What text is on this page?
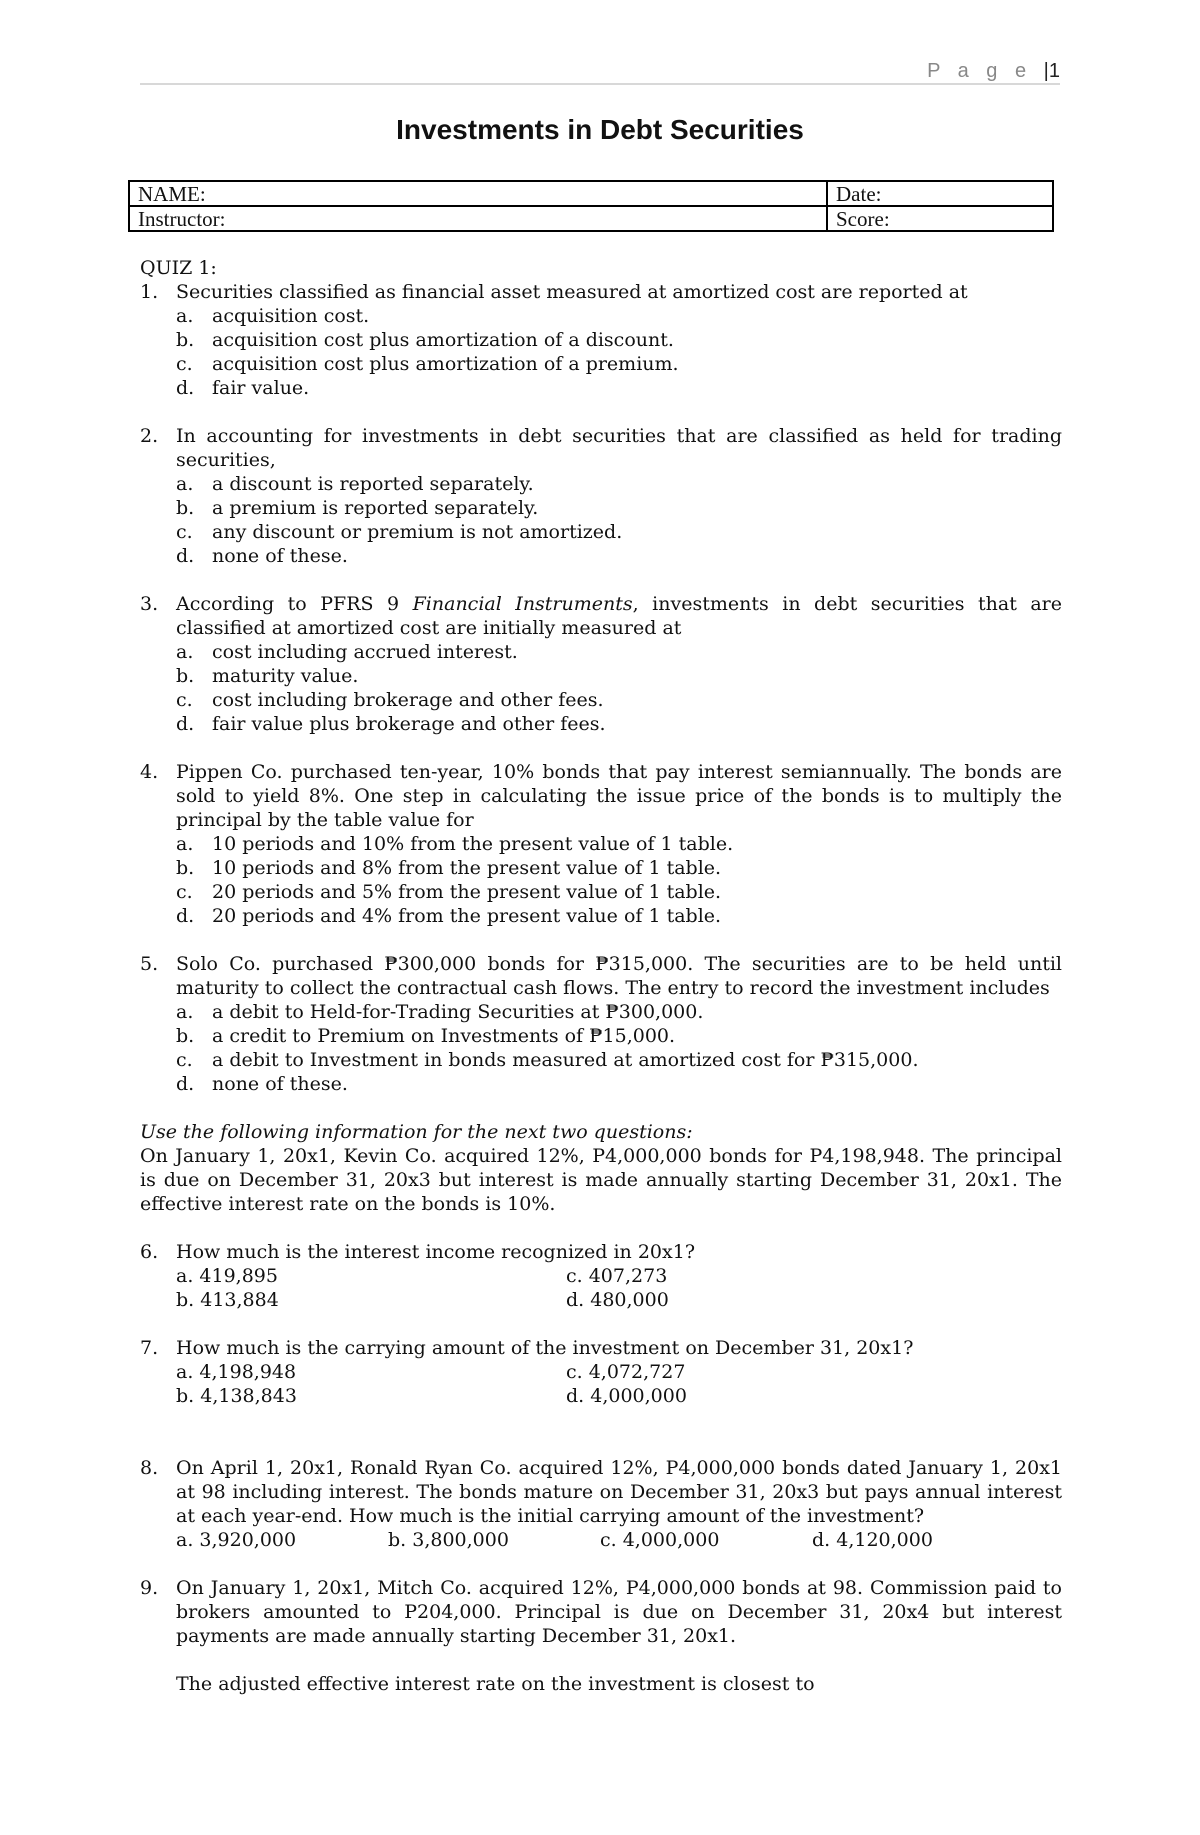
P a g e |1
Investments in Debt Securities
NAME:	Date:
Instructor:	Score:
QUIZ 1:
1. Securities classified as financial asset measured at amortized cost are reported at

a. acquisition cost.
b. acquisition cost plus amortization of a discount.
c.	acquisition cost plus amortization of a premium.
d. fair value.
2. In accounting for investments in debt securities that are classified as held for trading securities,

a. a discount is reported separately.
b. a premium is reported separately.
c.	any discount or premium is not amortized.
d. none of these.
3. According to PFRS 9 Financial Instruments, investments in debt securities that are classified at amortized cost are initially measured at

a. cost including accrued interest.
b. maturity value.
c.	cost including brokerage and other fees.
d. fair value plus brokerage and other fees.
4. Pippen Co. purchased ten-year, 10% bonds that pay interest semiannually. The bonds are sold to yield 8%. One step in calculating the issue price of the bonds is to multiply the principal by the table value for

a. 10 periods and 10% from the present value of 1 table.
b. 10 periods and 8% from the present value of 1 table.
c.	20 periods and 5% from the present value of 1 table.
d. 20 periods and 4% from the present value of 1 table.
5. Solo Co. purchased ₱300,000 bonds for ₱315,000. The securities are to be held until maturity to collect the contractual cash flows. The entry to record the investment includes

a. a debit to Held-for-Trading Securities at ₱300,000.
b. a credit to Premium on Investments of ₱15,000.
c.	a debit to Investment in bonds measured at amortized cost for ₱315,000.
d. none of these.
Use the following information for the next two questions:

On January 1, 20x1, Kevin Co. acquired 12%, P4,000,000 bonds for P4,198,948. The principal is due on December 31, 20x3 but interest is made annually starting December 31, 20x1. The effective interest rate on the bonds is 10%.

6. How much is the interest income recognized in 20x1?

a. 419,895	c. 407,273
b. 413,884	d. 480,000
7. How much is the carrying amount of the investment on December 31, 20x1?

a. 4,198,948	c. 4,072,727
b. 4,138,843	d. 4,000,000
8. On April 1, 20x1, Ronald Ryan Co. acquired 12%, P4,000,000 bonds dated January 1, 20x1 at 98 including interest. The bonds mature on December 31, 20x3 but pays annual interest at each year-end. How much is the initial carrying amount of the investment?

a. 3,920,000	b. 3,800,000	c. 4,000,000	d. 4,120,000
9. On January 1, 20x1, Mitch Co. acquired 12%, P4,000,000 bonds at 98. Commission paid to brokers amounted to P204,000. Principal is due on December 31, 20x4 but interest payments are made annually starting December 31, 20x1.

The adjusted effective interest rate on the investment is closest to
